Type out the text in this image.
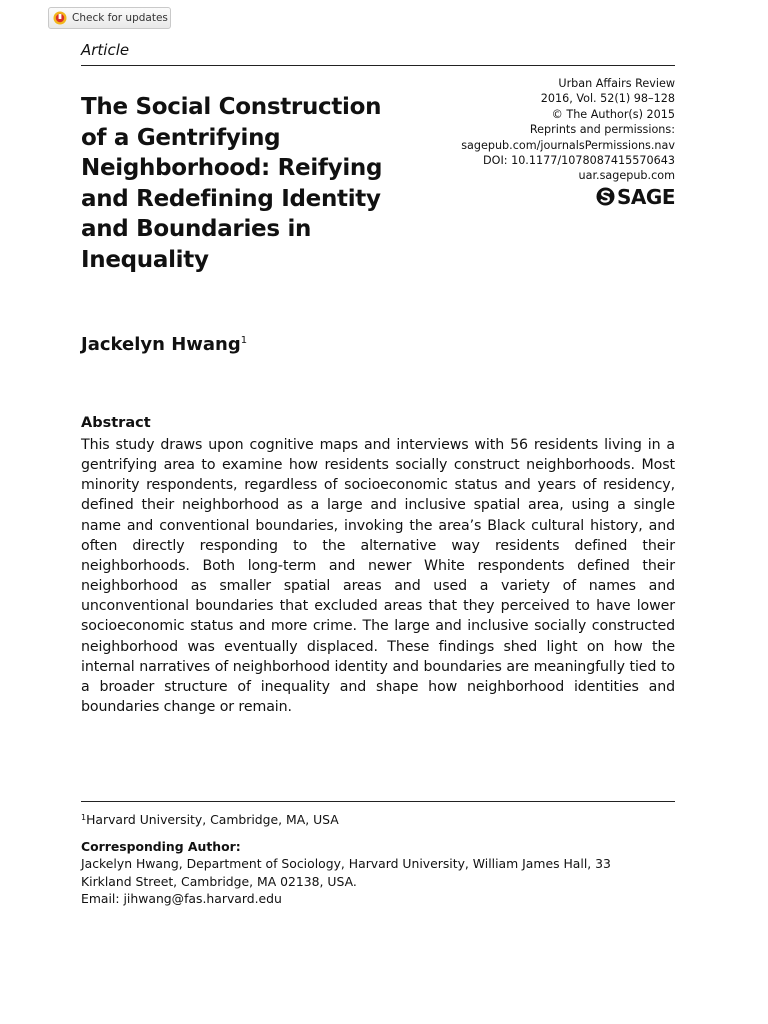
Check for updates
Article
Urban Affairs Review
2016, Vol. 52(1) 98–128
© The Author(s) 2015
Reprints and permissions:
sagepub.com/journalsPermissions.nav
DOI: 10.1177/1078087415570643
uar.sagepub.com
SAGE
The Social Construction
of a Gentrifying
Neighborhood: Reifying
and Redefining Identity
and Boundaries in
Inequality
Jackelyn Hwang$^1$
Abstract

This study draws upon cognitive maps and interviews with 56 residents living in a gentrifying area to examine how residents socially construct neighborhoods. Most minority respondents, regardless of socioeconomic status and years of residency, defined their neighborhood as a large and inclusive spatial area, using a single name and conventional boundaries, invoking the area’s Black cultural history, and often directly responding to the alternative way residents defined their neighborhoods. Both long-term and newer White respondents defined their neighborhood as smaller spatial areas and used a variety of names and unconventional boundaries that excluded areas that they perceived to have lower socioeconomic status and more crime. The large and inclusive socially constructed neighborhood was eventually displaced. These findings shed light on how the internal narratives of neighborhood identity and boundaries are meaningfully tied to a broader structure of inequality and shape how neighborhood identities and boundaries change or remain.

$^1$Harvard University, Cambridge, MA, USA
Corresponding Author:
Jackelyn Hwang, Department of Sociology, Harvard University, William James Hall, 33
Kirkland Street, Cambridge, MA 02138, USA.
Email: jihwang@fas.harvard.edu
